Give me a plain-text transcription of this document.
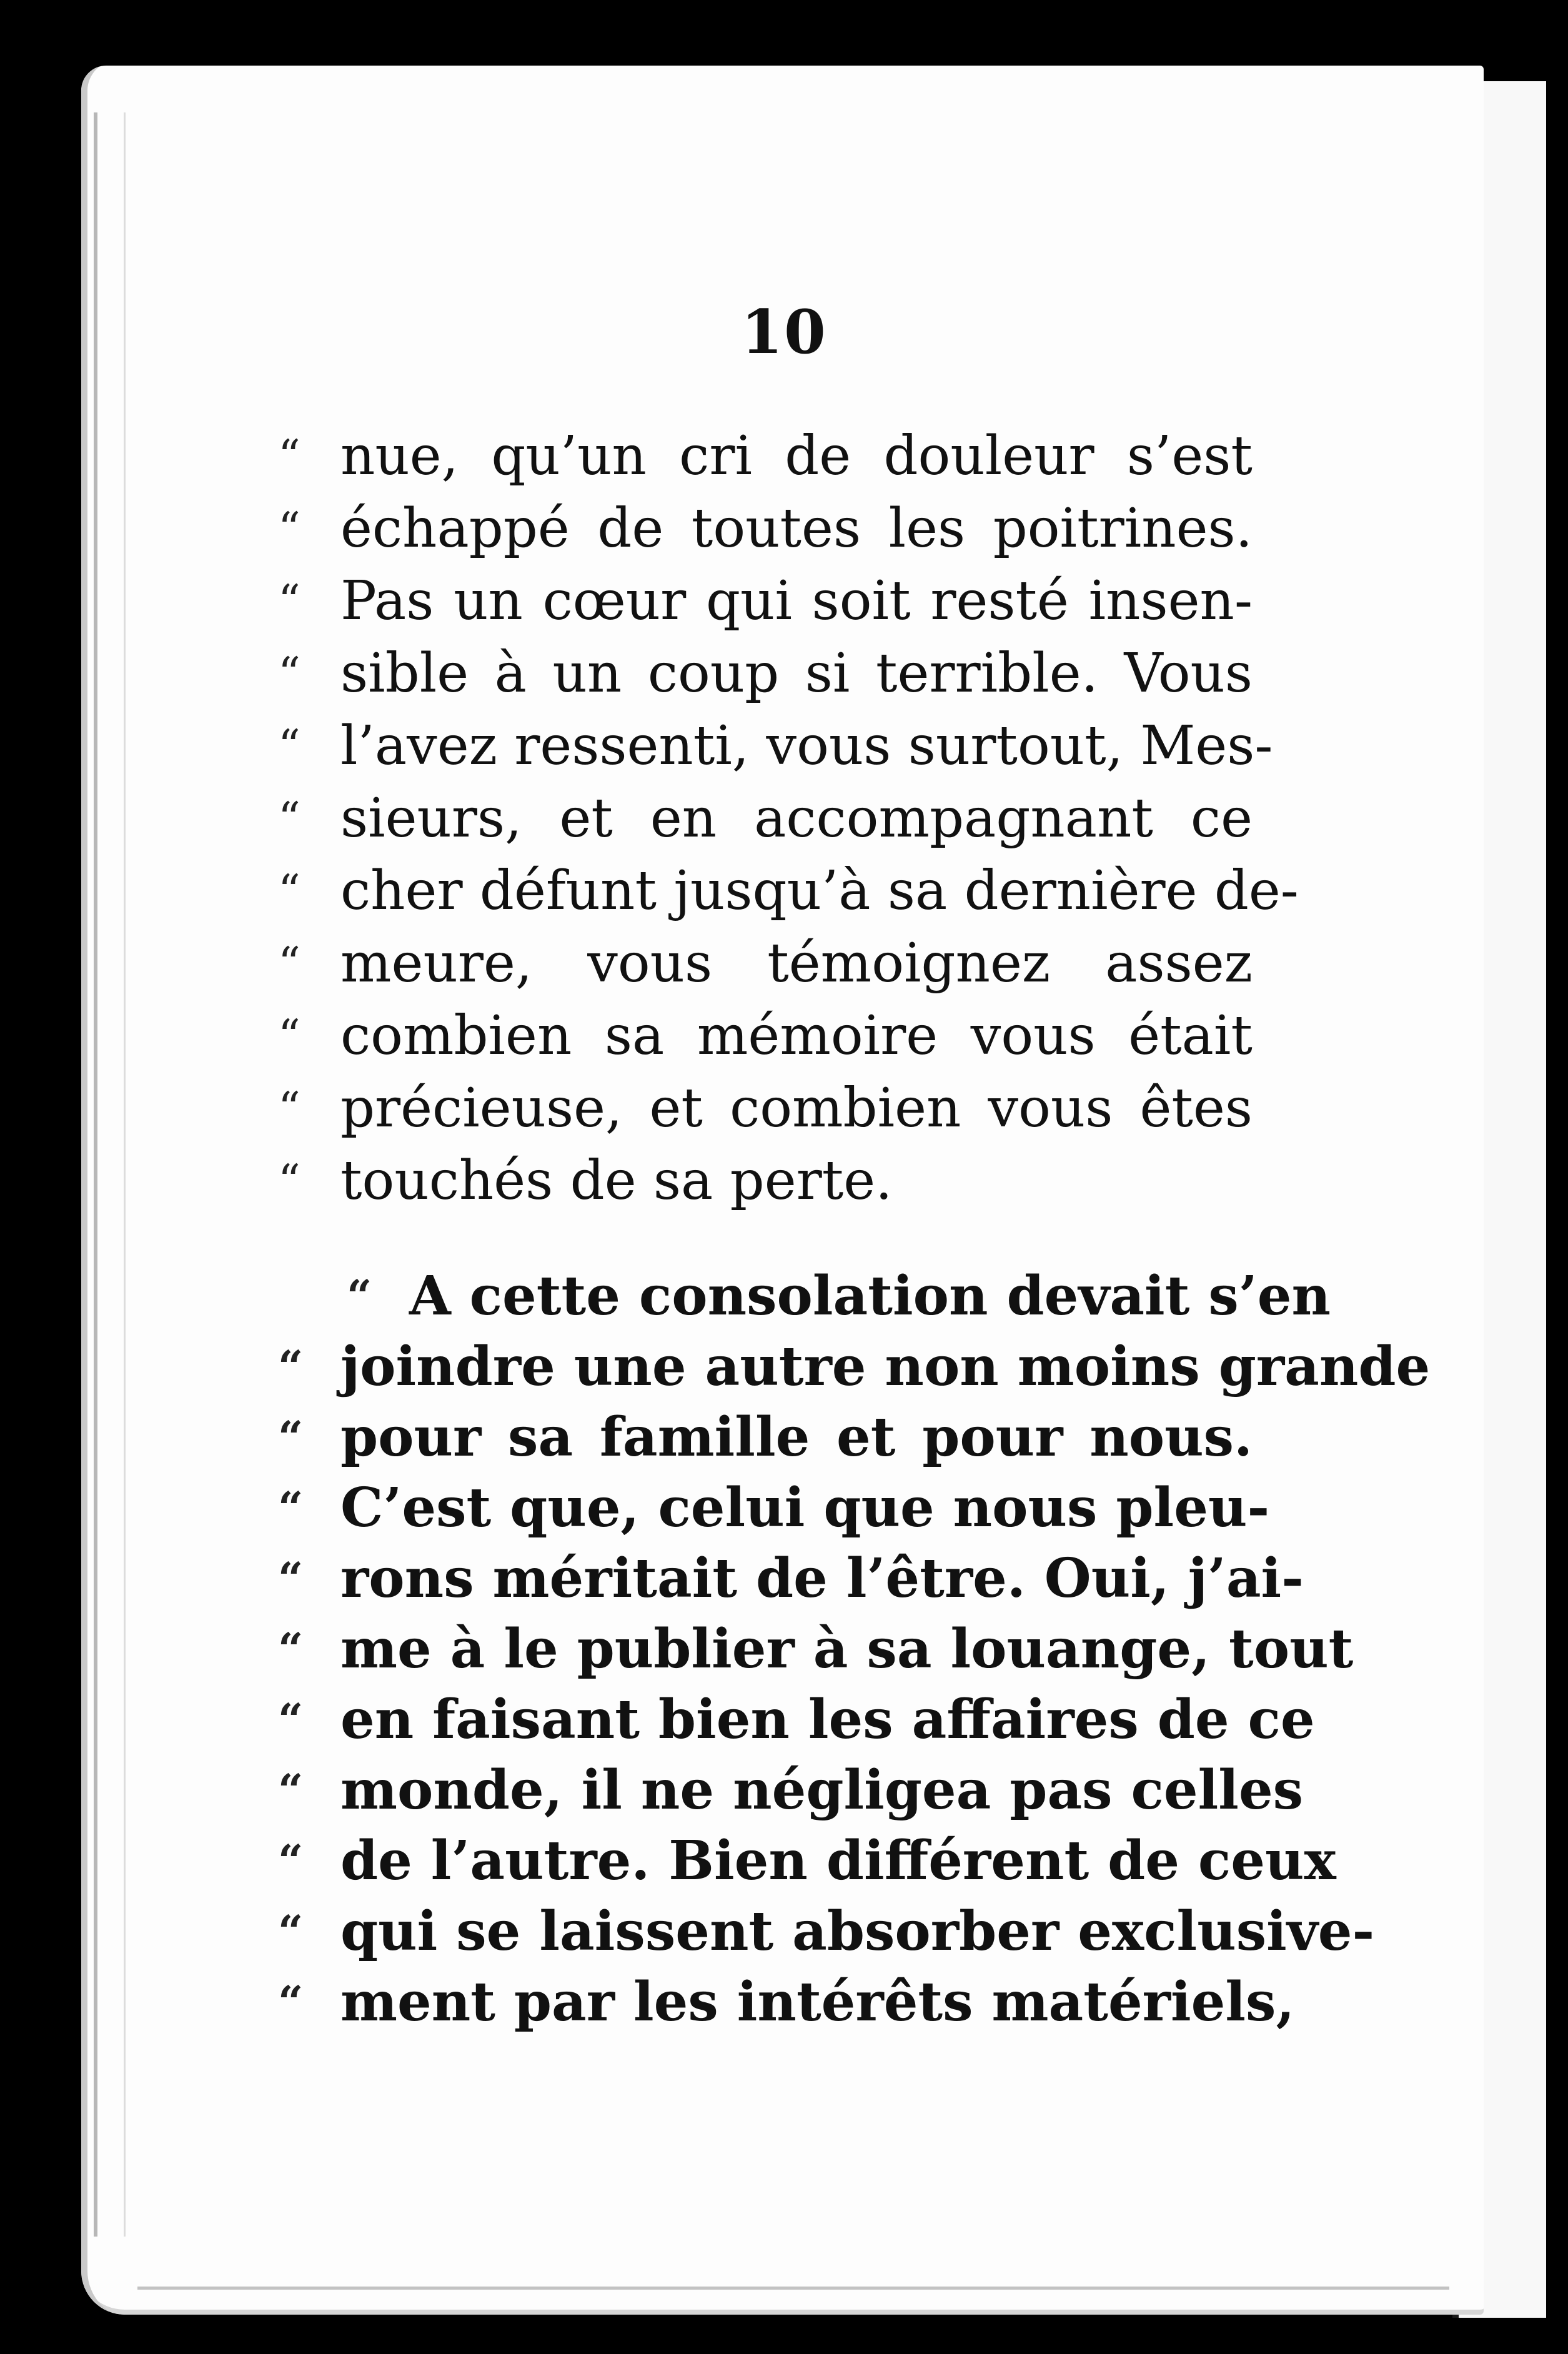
10
“ nue, qu’un cri de douleur s’est
“ échappé de toutes les poitrines.
“ Pas un cœur qui soit resté insen-
“ sible à un coup si terrible. Vous
“ l’avez ressenti, vous surtout, Mes-
“ sieurs, et en accompagnant ce
“ cher défunt jusqu’à sa dernière de-
“ meure, vous témoignez assez
“ combien sa mémoire vous était
“ précieuse, et combien vous êtes
“ touchés de sa perte.
“ A cette consolation devait s’en
“ joindre une autre non moins grande
“ pour sa famille et pour nous.
“ C’est que, celui que nous pleu-
“ rons méritait de l’être. Oui, j’ai-
“ me à le publier à sa louange, tout
“ en faisant bien les affaires de ce
“ monde, il ne négligea pas celles
“ de l’autre. Bien différent de ceux
“ qui se laissent absorber exclusive-
“ ment par les intérêts matériels,
